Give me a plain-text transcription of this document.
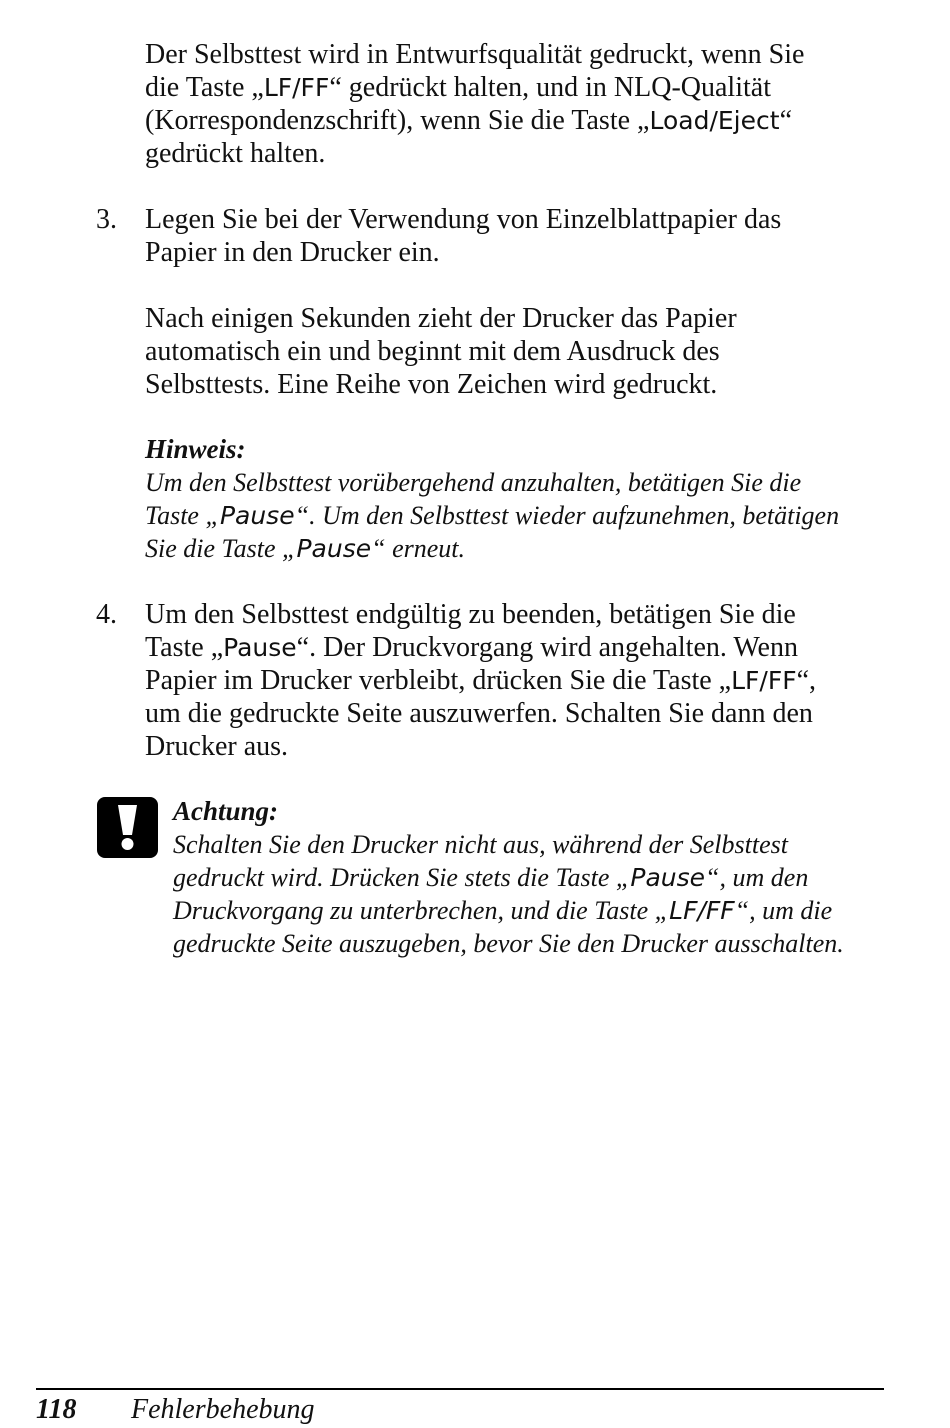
Der Selbsttest wird in Entwurfsqualität gedruckt, wenn Sie
die Taste „LF/FF“ gedrückt halten, und in NLQ-Qualität
(Korrespondenzschrift), wenn Sie die Taste „Load/Eject“
gedrückt halten.
3. Legen Sie bei der Verwendung von Einzelblattpapier das
Papier in den Drucker ein.
Nach einigen Sekunden zieht der Drucker das Papier
automatisch ein und beginnt mit dem Ausdruck des
Selbsttests. Eine Reihe von Zeichen wird gedruckt.
Hinweis:
Um den Selbsttest vorübergehend anzuhalten, betätigen Sie die
Taste „Pause“. Um den Selbsttest wieder aufzunehmen, betätigen
Sie die Taste „Pause“ erneut.
4. Um den Selbsttest endgültig zu beenden, betätigen Sie die
Taste „Pause“. Der Druckvorgang wird angehalten. Wenn
Papier im Drucker verbleibt, drücken Sie die Taste „LF/FF“,
um die gedruckte Seite auszuwerfen. Schalten Sie dann den
Drucker aus.
Achtung:
Schalten Sie den Drucker nicht aus, während der Selbsttest
gedruckt wird. Drücken Sie stets die Taste „Pause“, um den
Druckvorgang zu unterbrechen, und die Taste „LF/FF“, um die
gedruckte Seite auszugeben, bevor Sie den Drucker ausschalten.
118 Fehlerbehebung
